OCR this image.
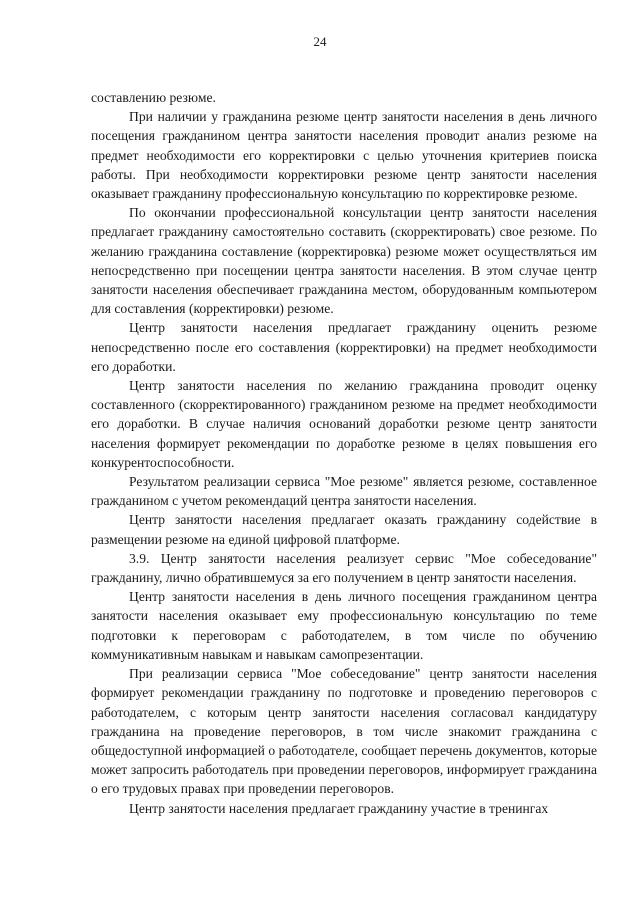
24

составлению резюме.

При наличии у гражданина резюме центр занятости населения в день личного посещения гражданином центра занятости населения проводит анализ резюме на предмет необходимости его корректировки с целью уточнения критериев поиска работы. При необходимости корректировки резюме центр занятости населения оказывает гражданину профессиональную консультацию по корректировке резюме.

По окончании профессиональной консультации центр занятости населения предлагает гражданину самостоятельно составить (скорректировать) свое резюме. По желанию гражданина составление (корректировка) резюме может осуществляться им непосредственно при посещении центра занятости населения. В этом случае центр занятости населения обеспечивает гражданина местом, оборудованным компьютером для составления (корректировки) резюме.

Центр занятости населения предлагает гражданину оценить резюме непосредственно после его составления (корректировки) на предмет необходимости его доработки.

Центр занятости населения по желанию гражданина проводит оценку составленного (скорректированного) гражданином резюме на предмет необходимости его доработки. В случае наличия оснований доработки резюме центр занятости населения формирует рекомендации по доработке резюме в целях повышения его конкурентоспособности.

Результатом реализации сервиса "Мое резюме" является резюме, составленное гражданином с учетом рекомендаций центра занятости населения.

Центр занятости населения предлагает оказать гражданину содействие в размещении резюме на единой цифровой платформе.

3.9. Центр занятости населения реализует сервис "Мое собеседование" гражданину, лично обратившемуся за его получением в центр занятости населения.

Центр занятости населения в день личного посещения гражданином центра занятости населения оказывает ему профессиональную консультацию по теме подготовки к переговорам с работодателем, в том числе по обучению коммуникативным навыкам и навыкам самопрезентации.

При реализации сервиса "Мое собеседование" центр занятости населения формирует рекомендации гражданину по подготовке и проведению переговоров с работодателем, с которым центр занятости населения согласовал кандидатуру гражданина на проведение переговоров, в том числе знакомит гражданина с общедоступной информацией о работодателе, сообщает перечень документов, которые может запросить работодатель при проведении переговоров, информирует гражданина о его трудовых правах при проведении переговоров.

Центр занятости населения предлагает гражданину участие в тренингах
